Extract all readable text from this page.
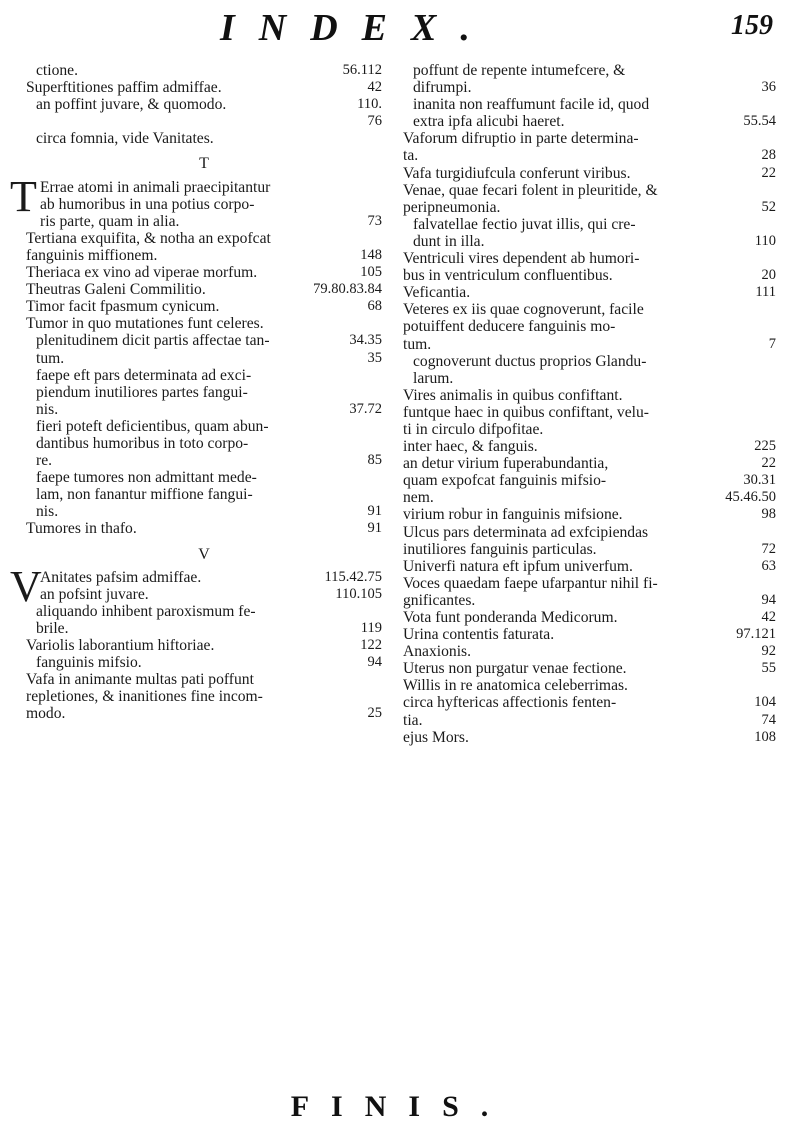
INDEX.	159
56.112
ctione.
42
Superftitiones paffim admiffae.
110.
an poffint juvare, & quomodo.
76

circa fomnia, vide Vanitates.
T
T Errae atomi in animali praecipitantur
ab humoribus in una potius corpo-
73
ris parte, quam in alia.
Tertiana exquifita, & notha an expofcat
148
fanguinis miffionem.
105
Theriaca ex vino ad viperae morfum.
79.80.83.84
Theutras Galeni Commilitio.
68
Timor facit fpasmum cynicum.
Tumor in quo mutationes funt celeres.
34.35
plenitudinem dicit partis affectae tan-
35
tum.
faepe eft pars determinata ad exci-
piendum inutiliores partes fangui-
37.72
nis.
fieri poteft deficientibus, quam abun-
dantibus humoribus in toto corpo-
85
re.
faepe tumores non admittant mede-
lam, non fanantur miffione fangui-
91
nis.
91
Tumores in thafo.
V
V	115.42.75
Anitates pafsim admiffae.
110.105
an pofsint juvare.
aliquando inhibent paroxismum fe-
119
brile.
122
Variolis laborantium hiftoriae.
94
fanguinis mifsio.
Vafa in animante multas pati poffunt
repletiones, & inanitiones fine incom-
25
modo.
poffunt de repente intumefcere, &
36
difrumpi.
inanita non reaffumunt facile id, quod
55.54
extra ipfa alicubi haeret.
Vaforum difruptio in parte determina-
28
ta.
22
Vafa turgidiufcula conferunt viribus.
Venae, quae fecari folent in pleuritide, &
52
peripneumonia.
falvatellae fectio juvat illis, qui cre-
110
dunt in illa.
Ventriculi vires dependent ab humori-
20
bus in ventriculum confluentibus.
111
Veficantia.
Veteres ex iis quae cognoverunt, facile
potuiffent deducere fanguinis mo-
7
tum.
cognoverunt ductus proprios Glandu-
larum.
Vires animalis in quibus confiftant.
funtque haec in quibus confiftant, velu-
ti in circulo difpofitae.
225
inter haec, & fanguis.
22
an detur virium fuperabundantia,
30.31
quam expofcat fanguinis mifsio-
45.46.50
nem.
98
virium robur in fanguinis mifsione.
Ulcus pars determinata ad exfcipiendas
72
inutiliores fanguinis particulas.
63
Univerfi natura eft ipfum univerfum.
Voces quaedam faepe ufarpantur nihil fi-
94
gnificantes.
42
Vota funt ponderanda Medicorum.
97.121
Urina contentis faturata.
92
Anaxionis.
55
Uterus non purgatur venae fectione.
Willis in re anatomica celeberrimas.
104
circa hyftericas affectionis fenten-
74
tia.
108
ejus Mors.
FINIS.
